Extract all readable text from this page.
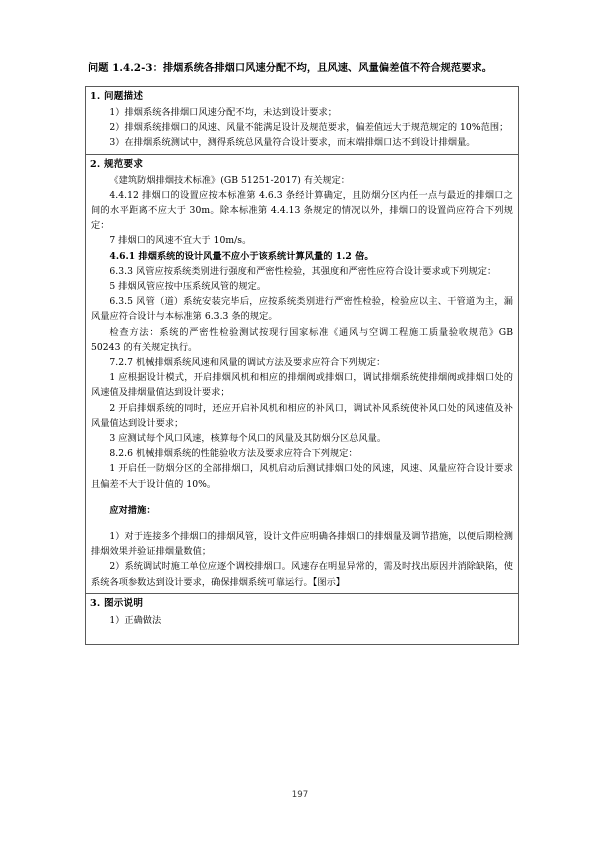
问题 1.4.2-3：排烟系统各排烟口风速分配不均，且风速、风量偏差值不符合规范要求。
1. 问题描述

1）排烟系统各排烟口风速分配不均，未达到设计要求；

2）排烟系统排烟口的风速、风量不能满足设计及规范要求，偏差值远大于规范规定的 10%范围；

3）在排烟系统测试中，测得系统总风量符合设计要求，而末端排烟口达不到设计排烟量。

2. 规范要求

《建筑防烟排烟技术标准》(GB 51251-2017) 有关规定：

4.4.12 排烟口的设置应按本标准第 4.6.3 条经计算确定，且防烟分区内任一点与最近的排烟口之间的水平距离不应大于 30m。除本标准第 4.4.13 条规定的情况以外，排烟口的设置尚应符合下列规定：

7 排烟口的风速不宜大于 10m/s。

4.6.1 排烟系统的设计风量不应小于该系统计算风量的 1.2 倍。

6.3.3 风管应按系统类别进行强度和严密性检验，其强度和严密性应符合设计要求或下列规定：

5 排烟风管应按中压系统风管的规定。

6.3.5 风管（道）系统安装完毕后，应按系统类别进行严密性检验，检验应以主、干管道为主，漏风量应符合设计与本标准第 6.3.3 条的规定。

检查方法：系统的严密性检验测试按现行国家标准《通风与空调工程施工质量验收规范》GB 50243 的有关规定执行。

7.2.7 机械排烟系统风速和风量的调试方法及要求应符合下列规定：

1 应根据设计模式，开启排烟风机和相应的排烟阀或排烟口，调试排烟系统使排烟阀或排烟口处的风速值及排烟量值达到设计要求；

2 开启排烟系统的同时，还应开启补风机和相应的补风口，调试补风系统使补风口处的风速值及补风量值达到设计要求；

3 应测试每个风口风速，核算每个风口的风量及其防烟分区总风量。

8.2.6 机械排烟系统的性能验收方法及要求应符合下列规定：

1 开启任一防烟分区的全部排烟口，风机启动后测试排烟口处的风速，风速、风量应符合设计要求且偏差不大于设计值的 10%。

应对措施：

1）对于连接多个排烟口的排烟风管，设计文件应明确各排烟口的排烟量及调节措施，以便后期检测排烟效果并验证排烟量数值；

2）系统调试时施工单位应逐个调校排烟口。风速存在明显异常的，需及时找出原因并消除缺陷，使系统各项参数达到设计要求，确保排烟系统可靠运行。【图示】

3. 图示说明

1）正确做法

197
